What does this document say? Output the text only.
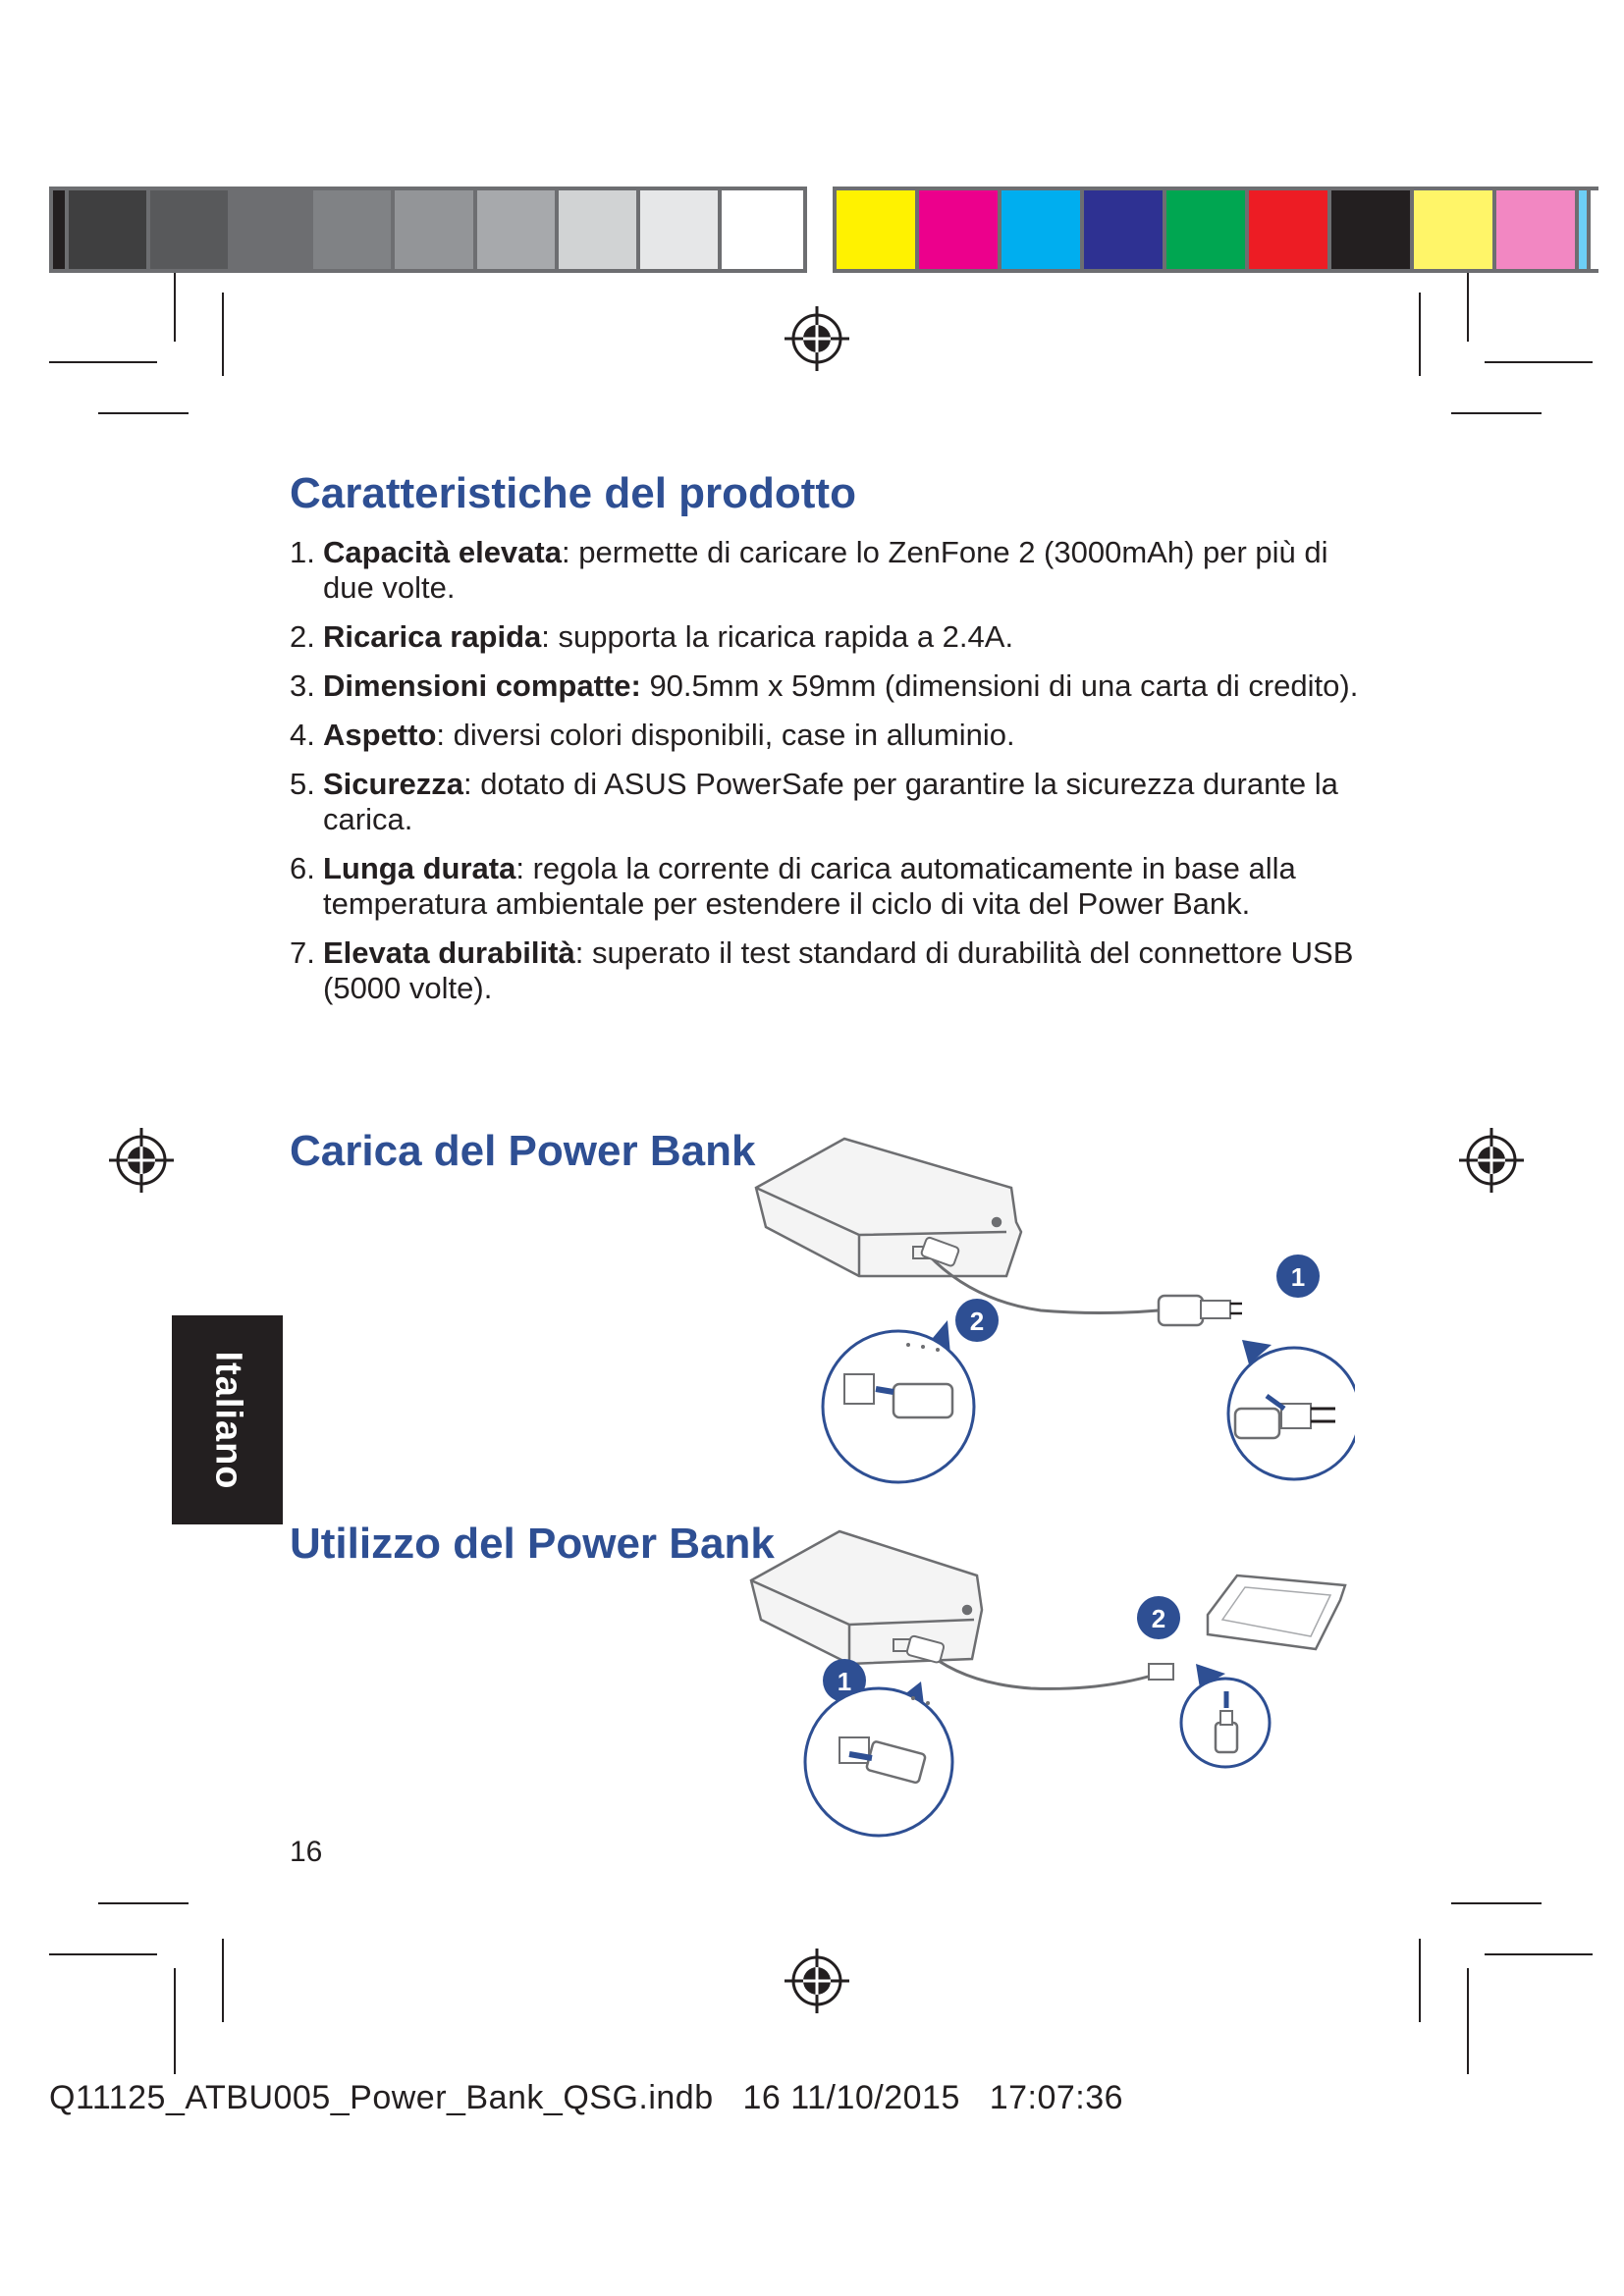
Caratteristiche del prodotto
1. Capacità elevata: permette di caricare lo ZenFone 2 (3000mAh) per più di due volte.
2. Ricarica rapida: supporta la ricarica rapida a 2.4A.
3. Dimensioni compatte: 90.5mm x 59mm (dimensioni di una carta di credito).
4. Aspetto: diversi colori disponibili, case in alluminio.
5. Sicurezza: dotato di ASUS PowerSafe per garantire la sicurezza durante la carica.
6. Lunga durata: regola la corrente di carica automaticamente in base alla temperatura ambientale per estendere il ciclo di vita del Power Bank.
7. Elevata durabilità: superato il test standard di durabilità del connettore USB (5000 volte).
Carica del Power Bank
1
2
Italiano
Utilizzo del Power Bank
2
1
16
Q11125_ATBU005_Power_Bank_QSG.indb   16 11/10/2015   17:07:36
